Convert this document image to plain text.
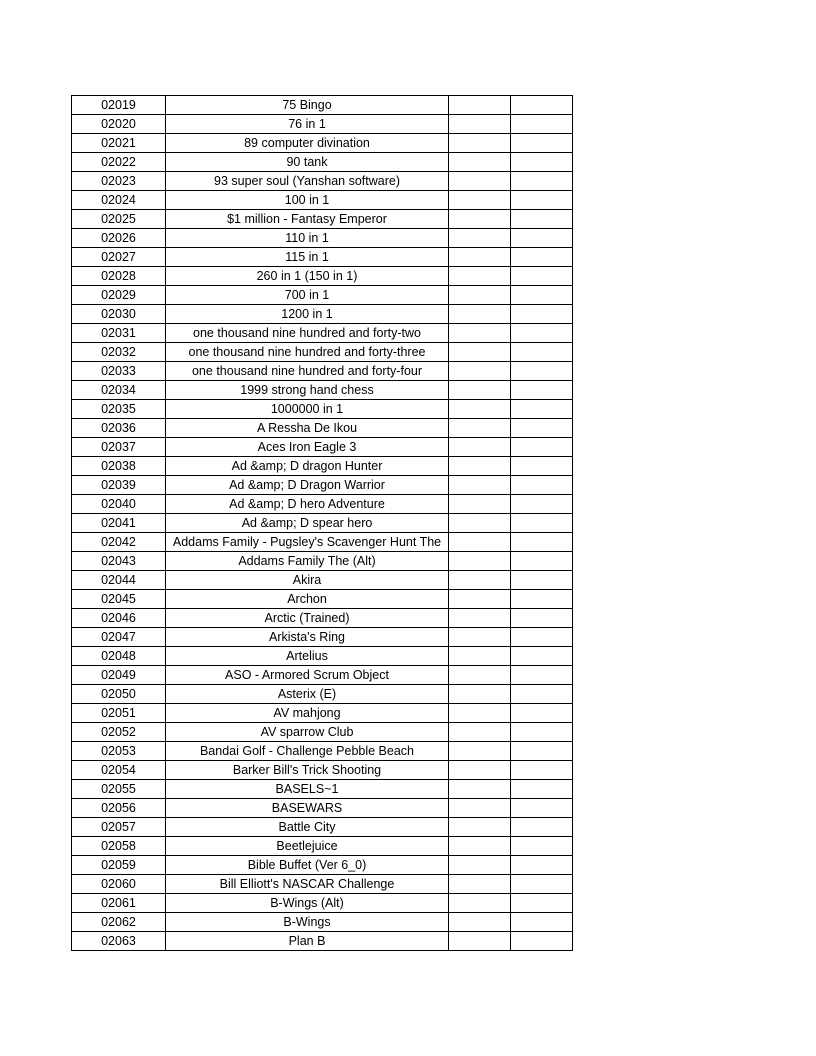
02019	75 Bingo		
02020	76 in 1		
02021	89 computer divination		
02022	90 tank		
02023	93 super soul (Yanshan software)		
02024	100 in 1		
02025	$1 million - Fantasy Emperor		
02026	110 in 1		
02027	115 in 1		
02028	260 in 1 (150 in 1)		
02029	700 in 1		
02030	1200 in 1		
02031	one thousand nine hundred and forty-two		
02032	one thousand nine hundred and forty-three		
02033	one thousand nine hundred and forty-four		
02034	1999 strong hand chess		
02035	1000000 in 1		
02036	A Ressha De Ikou		
02037	Aces Iron Eagle 3		
02038	Ad &amp; D dragon Hunter		
02039	Ad &amp; D Dragon Warrior		
02040	Ad &amp; D hero Adventure		
02041	Ad &amp; D spear hero		
02042	Addams Family - Pugsley's Scavenger Hunt The		
02043	Addams Family The (Alt)		
02044	Akira		
02045	Archon		
02046	Arctic (Trained)		
02047	Arkista's Ring		
02048	Artelius		
02049	ASO - Armored Scrum Object		
02050	Asterix (E)		
02051	AV mahjong		
02052	AV sparrow Club		
02053	Bandai Golf - Challenge Pebble Beach		
02054	Barker Bill's Trick Shooting		
02055	BASELS~1		
02056	BASEWARS		
02057	Battle City		
02058	Beetlejuice		
02059	Bible Buffet (Ver 6_0)		
02060	Bill Elliott's NASCAR Challenge		
02061	B-Wings (Alt)		
02062	B-Wings		
02063	Plan B		
